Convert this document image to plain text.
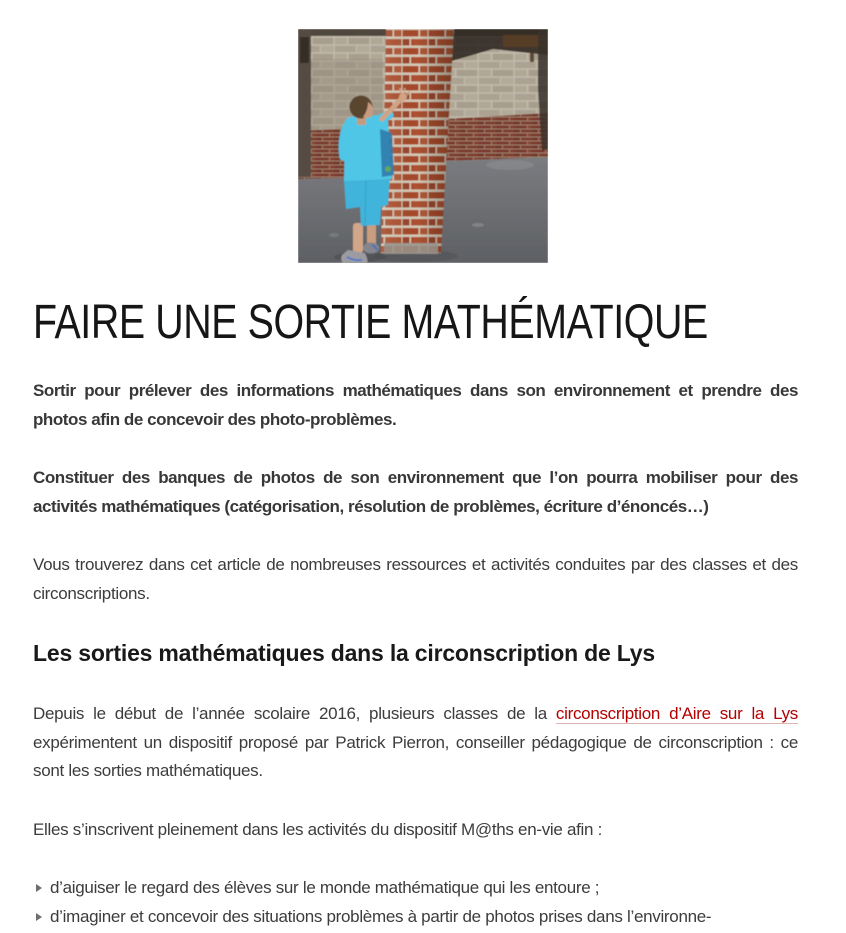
FAIRE UNE SORTIE MATHÉMATIQUE

Sortir pour prélever des informations mathématiques dans son environnement et prendre des photos afin de concevoir des photo-problèmes.

Constituer des banques de photos de son environnement que l’on pourra mobiliser pour des activités mathématiques (catégorisation, résolution de problèmes, écriture d’énoncés…)

Vous trouverez dans cet article de nombreuses ressources et activités conduites par des classes et des circonscriptions.

Les sorties mathématiques dans la circonscription de Lys

Depuis le début de l’année scolaire 2016, plusieurs classes de la circonscription d’Aire sur la Lys expérimentent un dispositif proposé par Patrick Pierron, conseiller pédagogique de circonscription : ce sont les sorties mathématiques.

Elles s’inscrivent pleinement dans les activités du dispositif M@ths en-vie afin :

d’aiguiser le regard des élèves sur le monde mathématique qui les entoure ;
d’imaginer et concevoir des situations problèmes à partir de photos prises dans l’environne-
